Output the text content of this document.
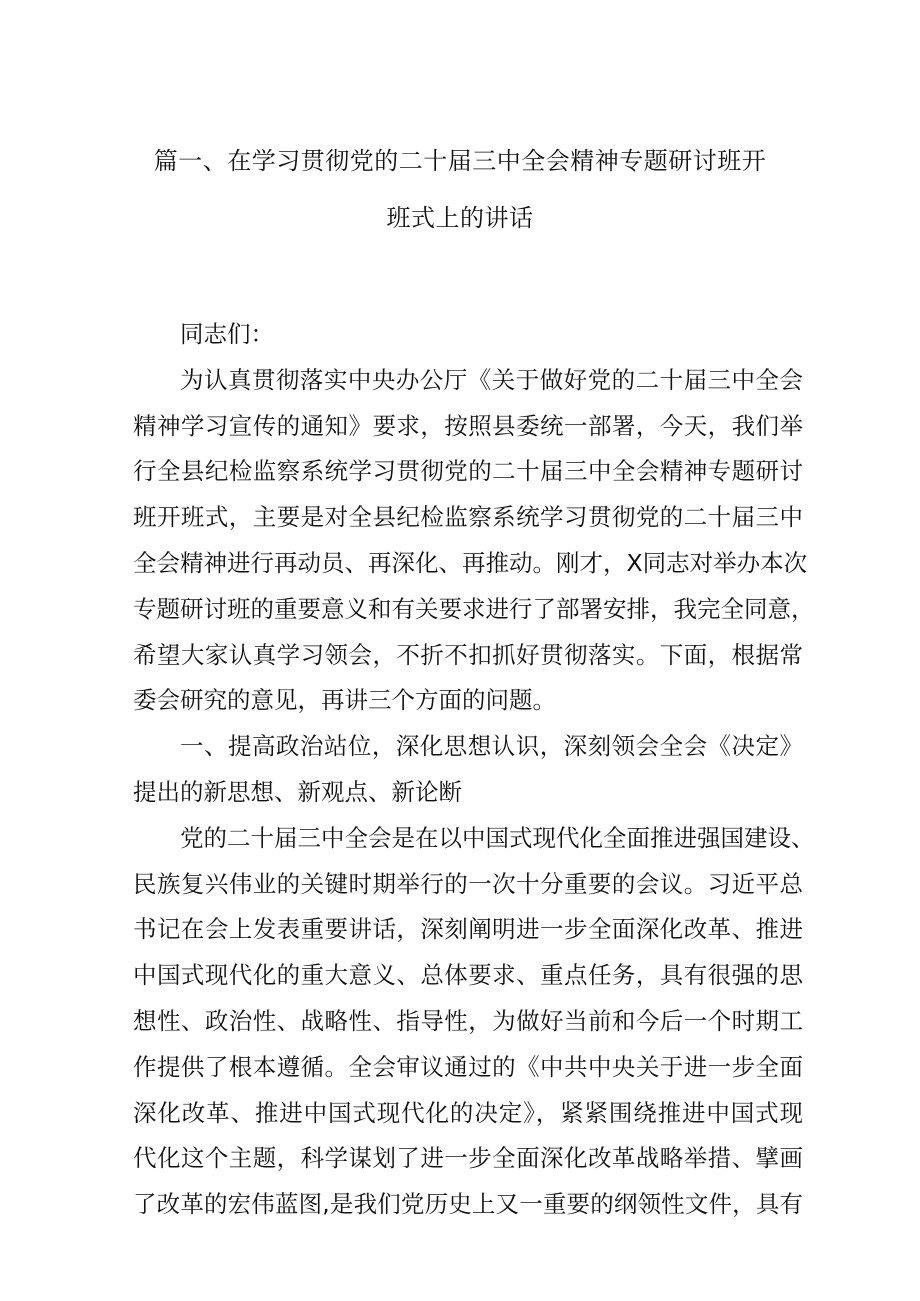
篇一、在学习贯彻党的二十届三中全会精神专题研讨班开
班式上的讲话
同志们：
为认真贯彻落实中央办公厅《关于做好党的二十届三中全会
精神学习宣传的通知》要求，按照县委统一部署，今天，我们举
行全县纪检监察系统学习贯彻党的二十届三中全会精神专题研讨
班开班式，主要是对全县纪检监察系统学习贯彻党的二十届三中
全会精神进行再动员、再深化、再推动。刚才，X同志对举办本次
专题研讨班的重要意义和有关要求进行了部署安排，我完全同意，
希望大家认真学习领会，不折不扣抓好贯彻落实。下面，根据常
委会研究的意见，再讲三个方面的问题。
一、提高政治站位，深化思想认识，深刻领会全会《决定》
提出的新思想、新观点、新论断
党的二十届三中全会是在以中国式现代化全面推进强国建设、
民族复兴伟业的关键时期举行的一次十分重要的会议。习近平总
书记在会上发表重要讲话，深刻阐明进一步全面深化改革、推进
中国式现代化的重大意义、总体要求、重点任务，具有很强的思
想性、政治性、战略性、指导性，为做好当前和今后一个时期工
作提供了根本遵循。全会审议通过的《中共中央关于进一步全面
深化改革、推进中国式现代化的决定》，紧紧围绕推进中国式现
代化这个主题，科学谋划了进一步全面深化改革战略举措、擘画
了改革的宏伟蓝图,是我们党历史上又一重要的纲领性文件，具有
